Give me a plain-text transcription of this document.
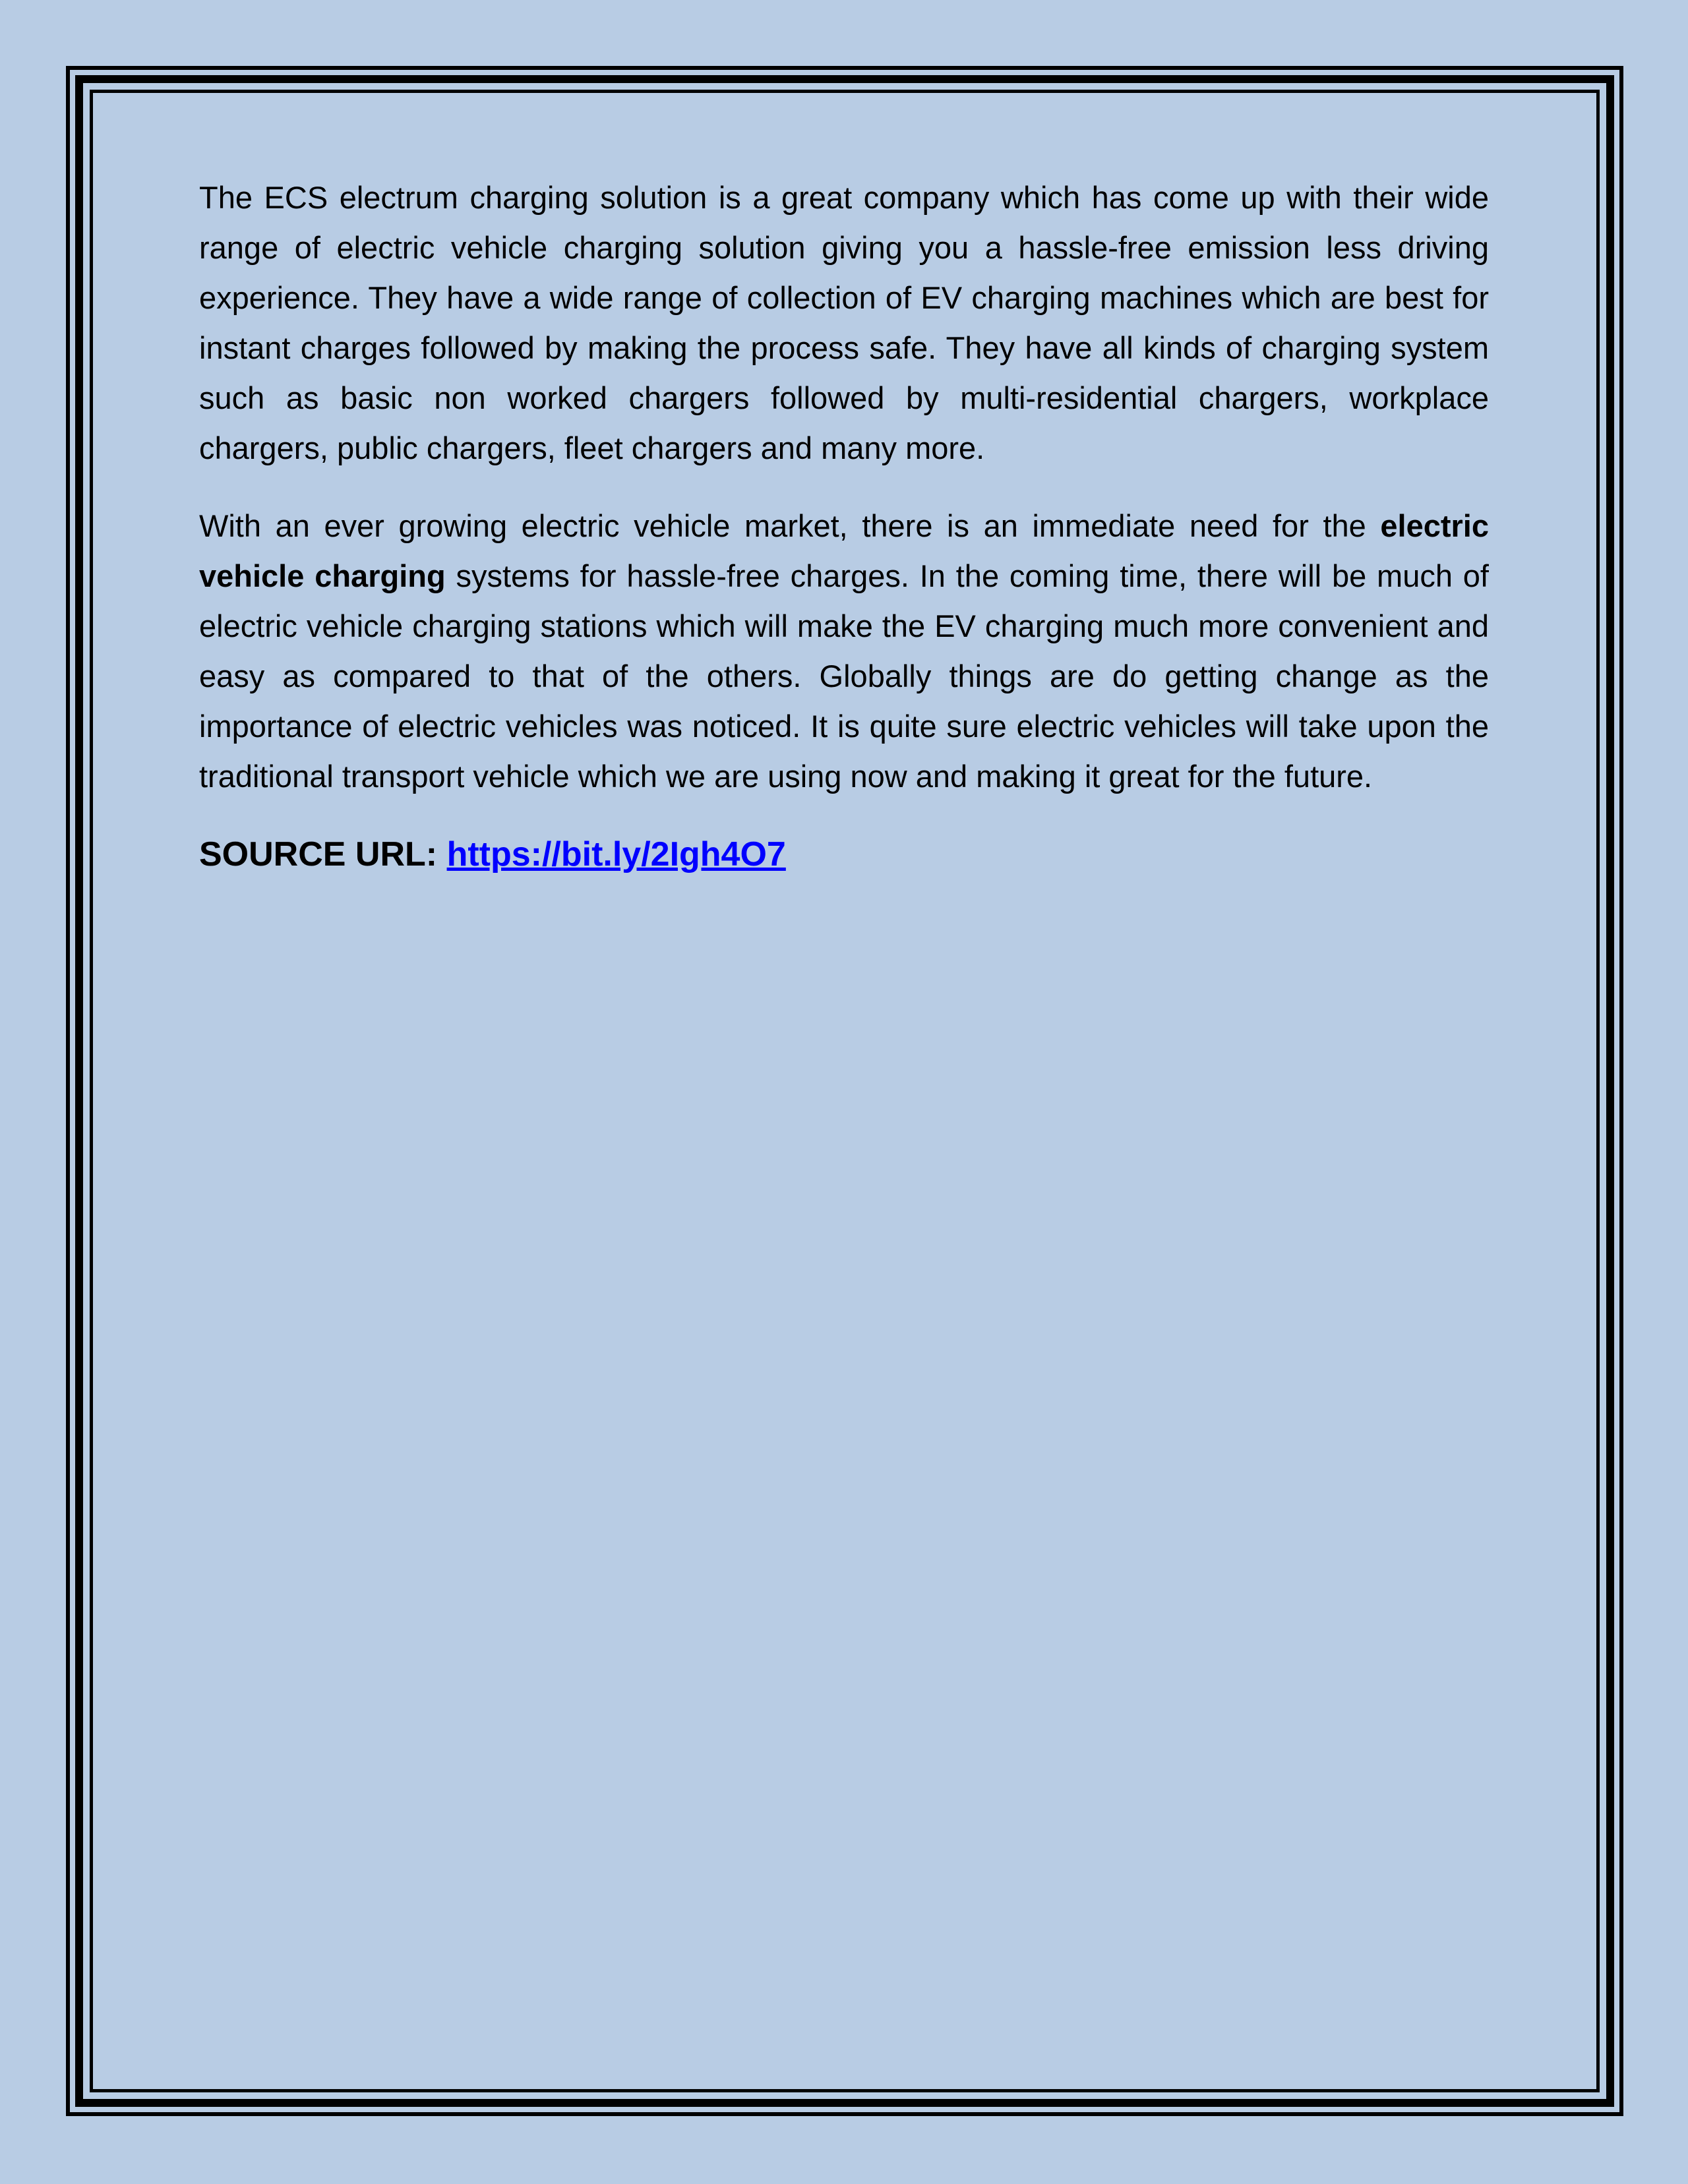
The ECS electrum charging solution is a great company which has come up with their wide range of electric vehicle charging solution giving you a hassle-free emission less driving experience. They have a wide range of collection of EV charging machines which are best for instant charges followed by making the process safe. They have all kinds of charging system such as basic non worked chargers followed by multi-residential chargers, workplace chargers, public chargers, fleet chargers and many more.

With an ever growing electric vehicle market, there is an immediate need for the electric vehicle charging systems for hassle-free charges. In the coming time, there will be much of electric vehicle charging stations which will make the EV charging much more convenient and easy as compared to that of the others. Globally things are do getting change as the importance of electric vehicles was noticed. It is quite sure electric vehicles will take upon the traditional transport vehicle which we are using now and making it great for the future.

SOURCE URL: https://bit.ly/2Igh4O7
